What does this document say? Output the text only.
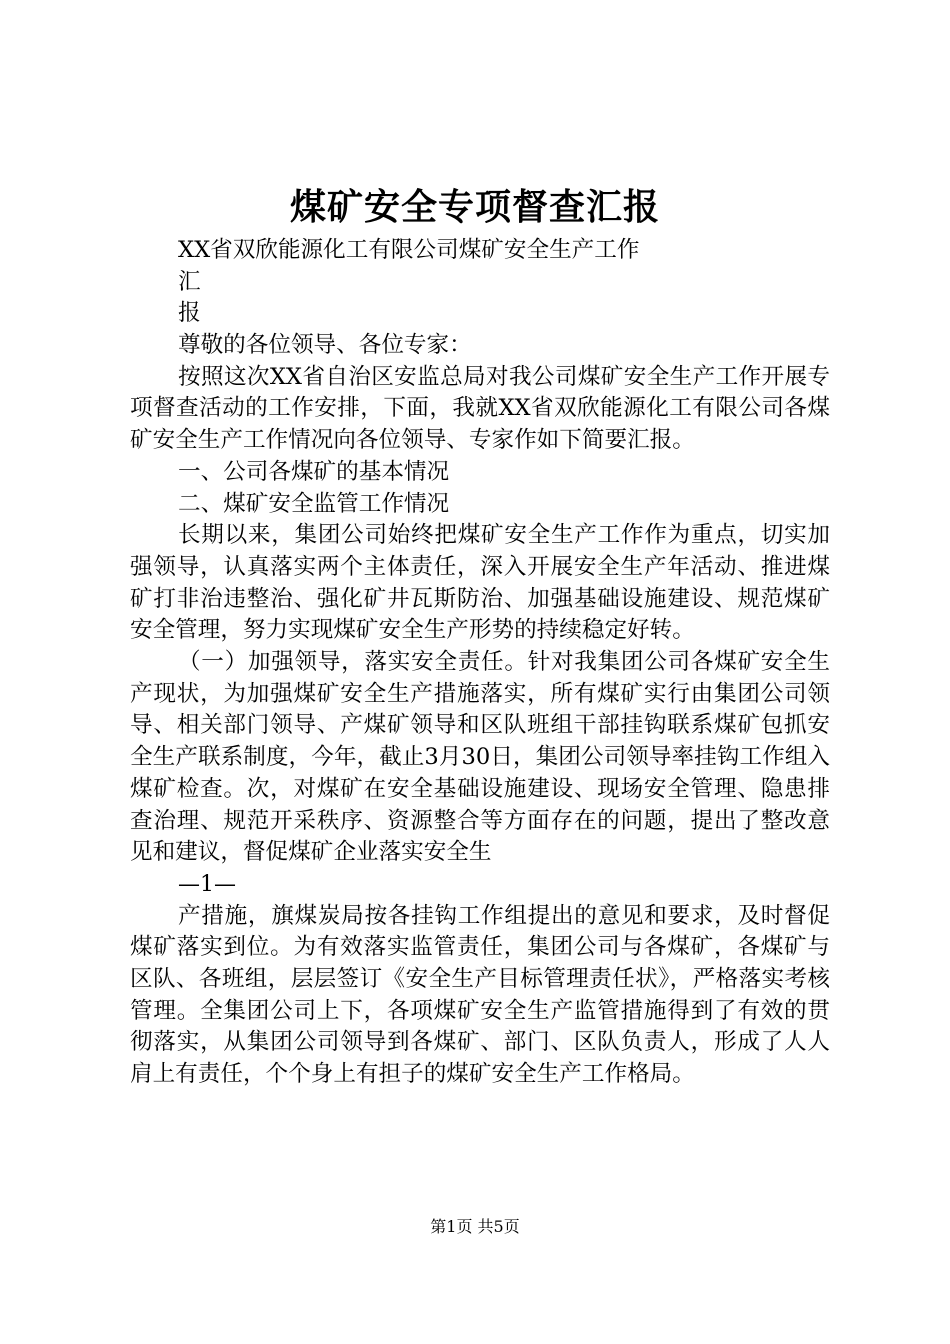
煤矿安全专项督查汇报
XX省双欣能源化工有限公司煤矿安全生产工作
汇
报
尊敬的各位领导、各位专家：
按照这次XX省自治区安监总局对我公司煤矿安全生产工作开展专项督查活动的工作安排，下面，我就XX省双欣能源化工有限公司各煤矿安全生产工作情况向各位领导、专家作如下简要汇报。
一、公司各煤矿的基本情况
二、煤矿安全监管工作情况
长期以来，集团公司始终把煤矿安全生产工作作为重点，切实加强领导，认真落实两个主体责任，深入开展安全生产年活动、推进煤矿打非治违整治、强化矿井瓦斯防治、加强基础设施建设、规范煤矿安全管理，努力实现煤矿安全生产形势的持续稳定好转。
（一）加强领导，落实安全责任。针对我集团公司各煤矿安全生产现状，为加强煤矿安全生产措施落实，所有煤矿实行由集团公司领导、相关部门领导、产煤矿领导和区队班组干部挂钩联系煤矿包抓安全生产联系制度，今年，截止3月30日，集团公司领导率挂钩工作组入煤矿检查。次，对煤矿在安全基础设施建设、现场安全管理、隐患排查治理、规范开采秩序、资源整合等方面存在的问题，提出了整改意见和建议，督促煤矿企业落实安全生
—1—
产措施，旗煤炭局按各挂钩工作组提出的意见和要求，及时督促煤矿落实到位。为有效落实监管责任，集团公司与各煤矿，各煤矿与区队、各班组，层层签订《安全生产目标管理责任状》，严格落实考核管理。全集团公司上下，各项煤矿安全生产监管措施得到了有效的贯彻落实，从集团公司领导到各煤矿、部门、区队负责人，形成了人人肩上有责任，个个身上有担子的煤矿安全生产工作格局。
第1页 共5页
